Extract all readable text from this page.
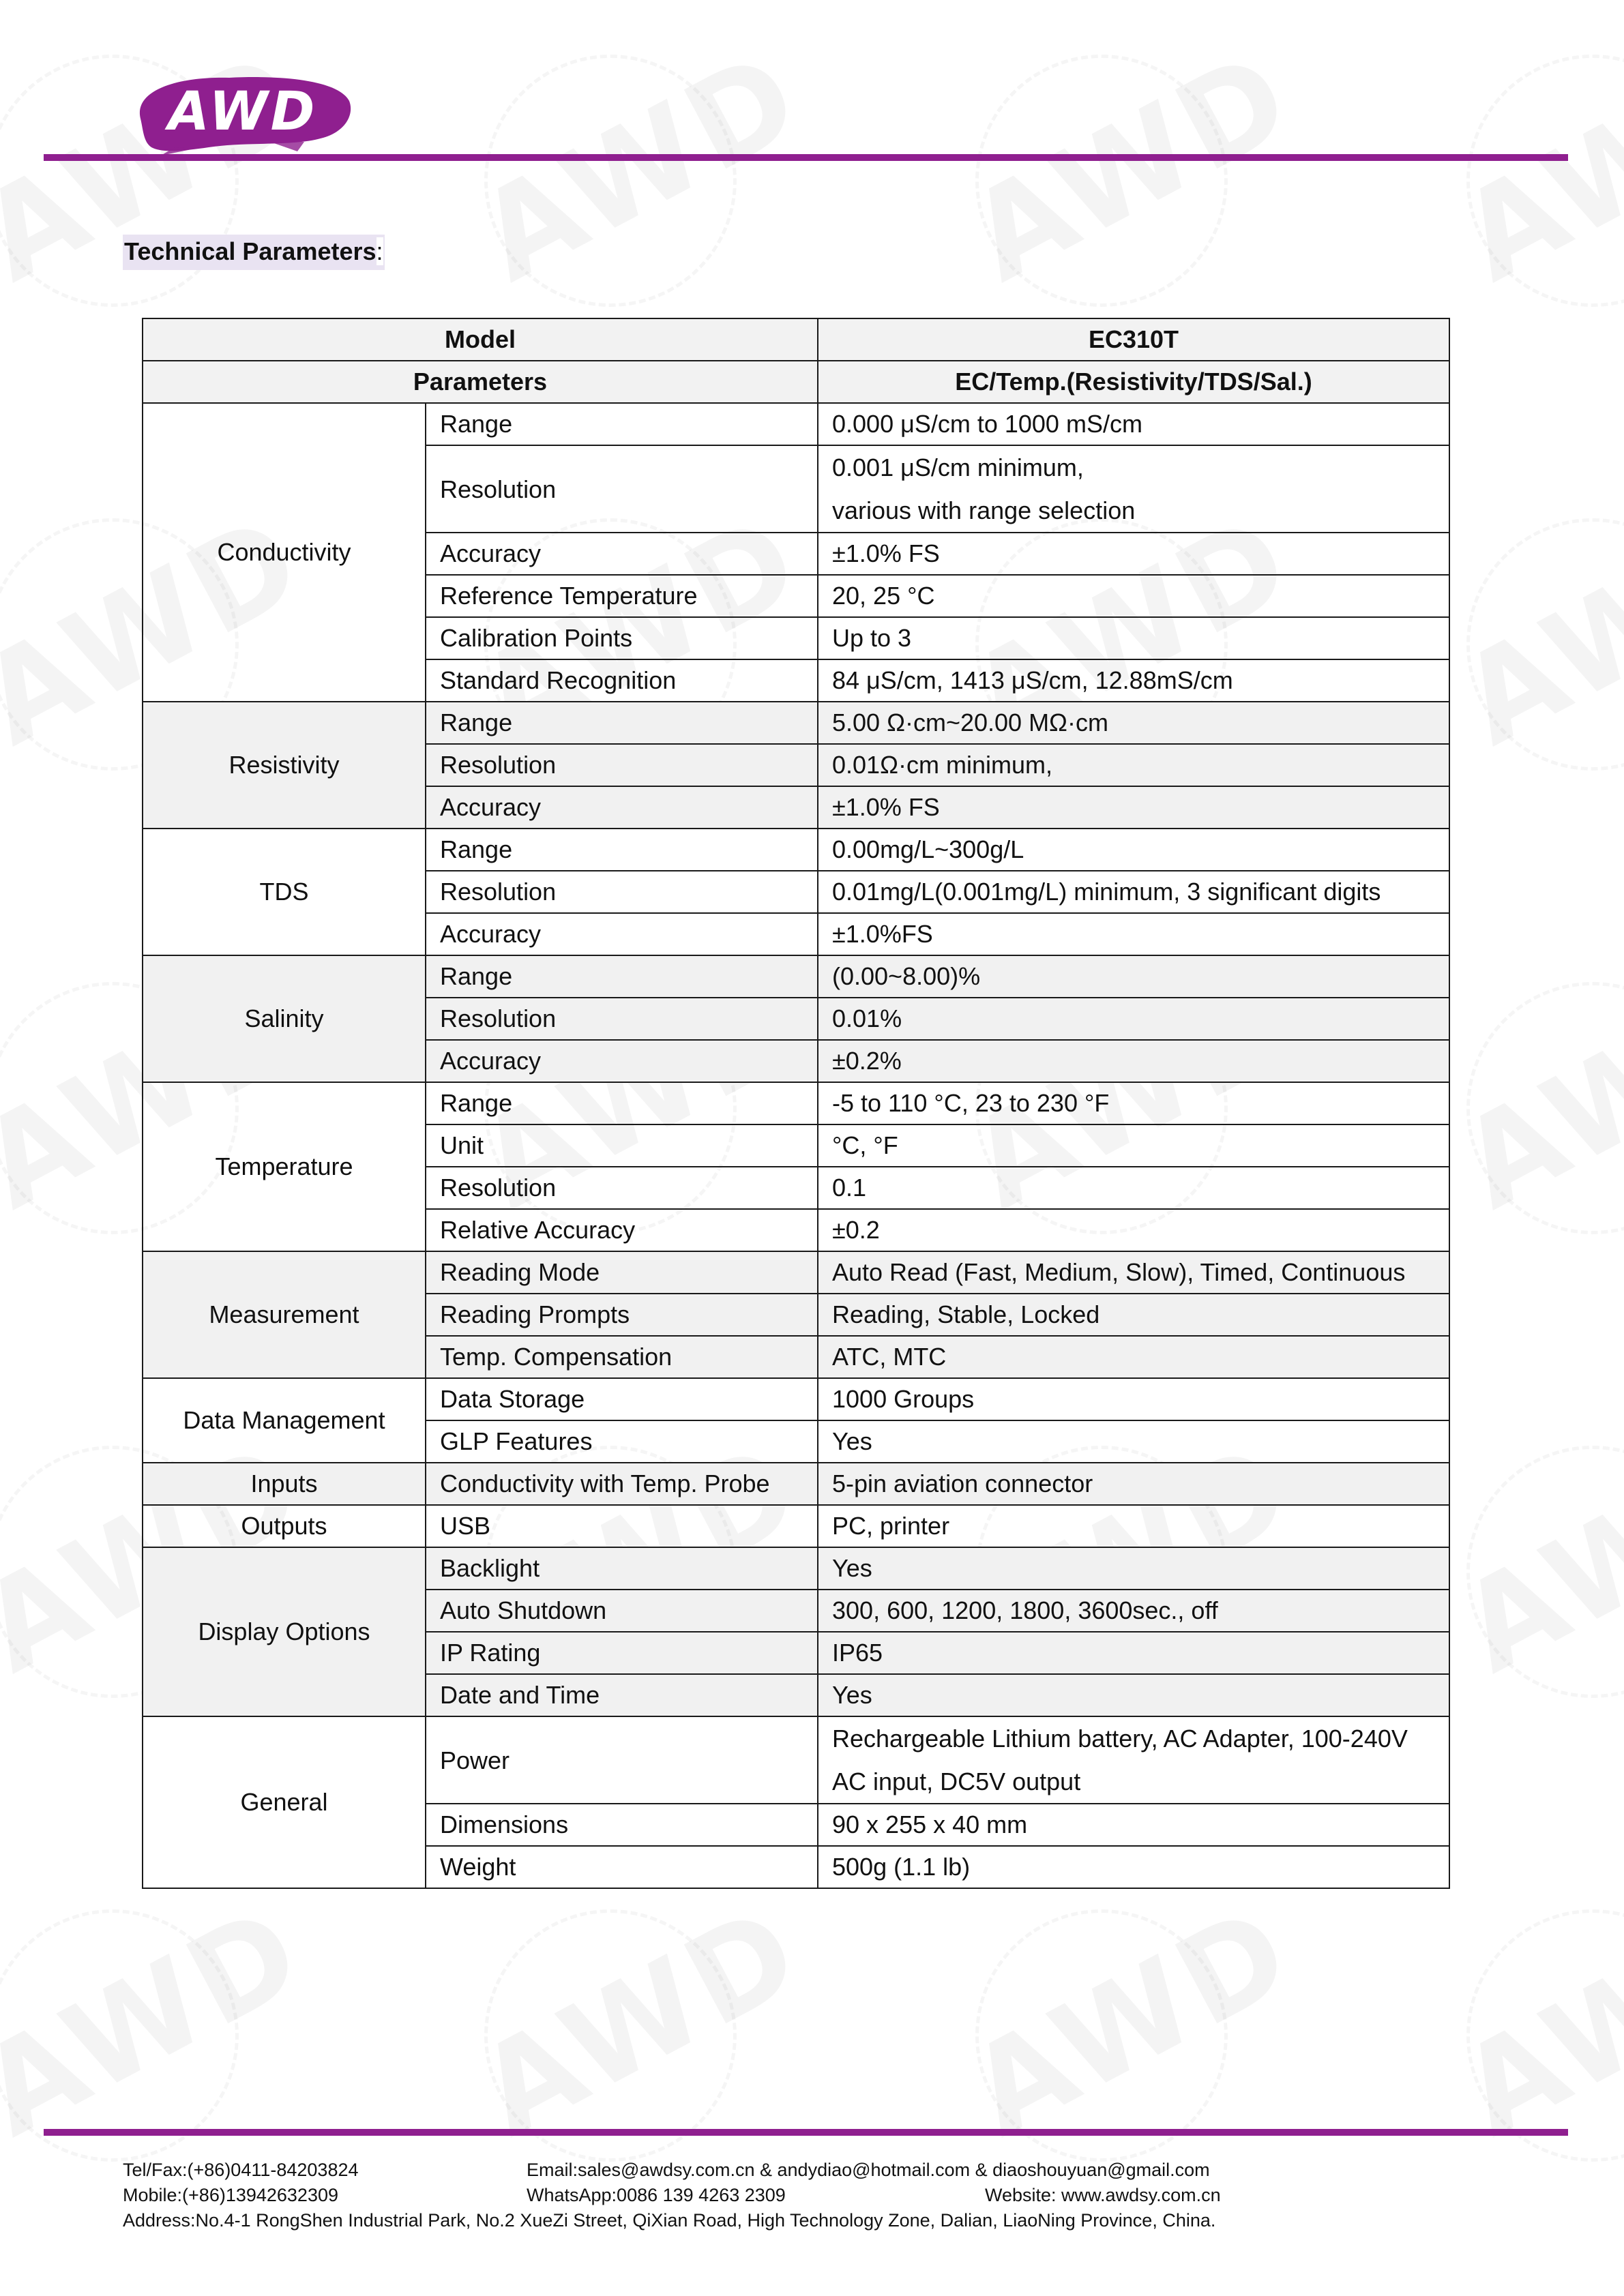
AWD
Technical Parameters:
Model		EC310T
Parameters		EC/Temp.(Resistivity/TDS/Sal.)
Conductivity	Range	0.000 μS/cm to 1000 mS/cm
	Resolution	0.001 μS/cm minimum,
various with range selection

	Accuracy	±1.0% FS
	Reference Temperature	20, 25 °C
	Calibration Points	Up to 3
	Standard Recognition	84 μS/cm, 1413 μS/cm, 12.88mS/cm
Resistivity	Range	5.00 Ω·cm~20.00 MΩ·cm
	Resolution	0.01Ω·cm minimum,
	Accuracy	±1.0% FS
TDS	Range	0.00mg/L~300g/L
	Resolution	0.01mg/L(0.001mg/L) minimum, 3 significant digits
	Accuracy	±1.0%FS
Salinity	Range	(0.00~8.00)%
	Resolution	0.01%
	Accuracy	±0.2%
Temperature	Range	-5 to 110 °C, 23 to 230 °F
	Unit	°C, °F
	Resolution	0.1
	Relative Accuracy	±0.2
Measurement	Reading Mode	Auto Read (Fast, Medium, Slow), Timed, Continuous
	Reading Prompts	Reading, Stable, Locked
	Temp. Compensation	ATC, MTC
Data Management	Data Storage	1000 Groups
	GLP Features	Yes
Inputs	Conductivity with Temp. Probe	5-pin aviation connector
Outputs	USB	PC, printer
Display Options	Backlight	Yes
	Auto Shutdown	300, 600, 1200, 1800, 3600sec., off
	IP Rating	IP65
	Date and Time	Yes
General	Power	Rechargeable Lithium battery, AC Adapter, 100-240V
AC input, DC5V output

	Dimensions	90 x 255 x 40 mm
	Weight	500g (1.1 lb)
Tel/Fax:(+86)0411-84203824	Email:sales@awdsy.com.cn & andydiao@hotmail.com & diaoshouyuan@gmail.com
Mobile:(+86)13942632309	WhatsApp:0086 139 4263 2309	Website: www.awdsy.com.cn
Address:No.4-1 RongShen Industrial Park, No.2 XueZi Street, QiXian Road, High Technology Zone, Dalian, LiaoNing Province, China.
